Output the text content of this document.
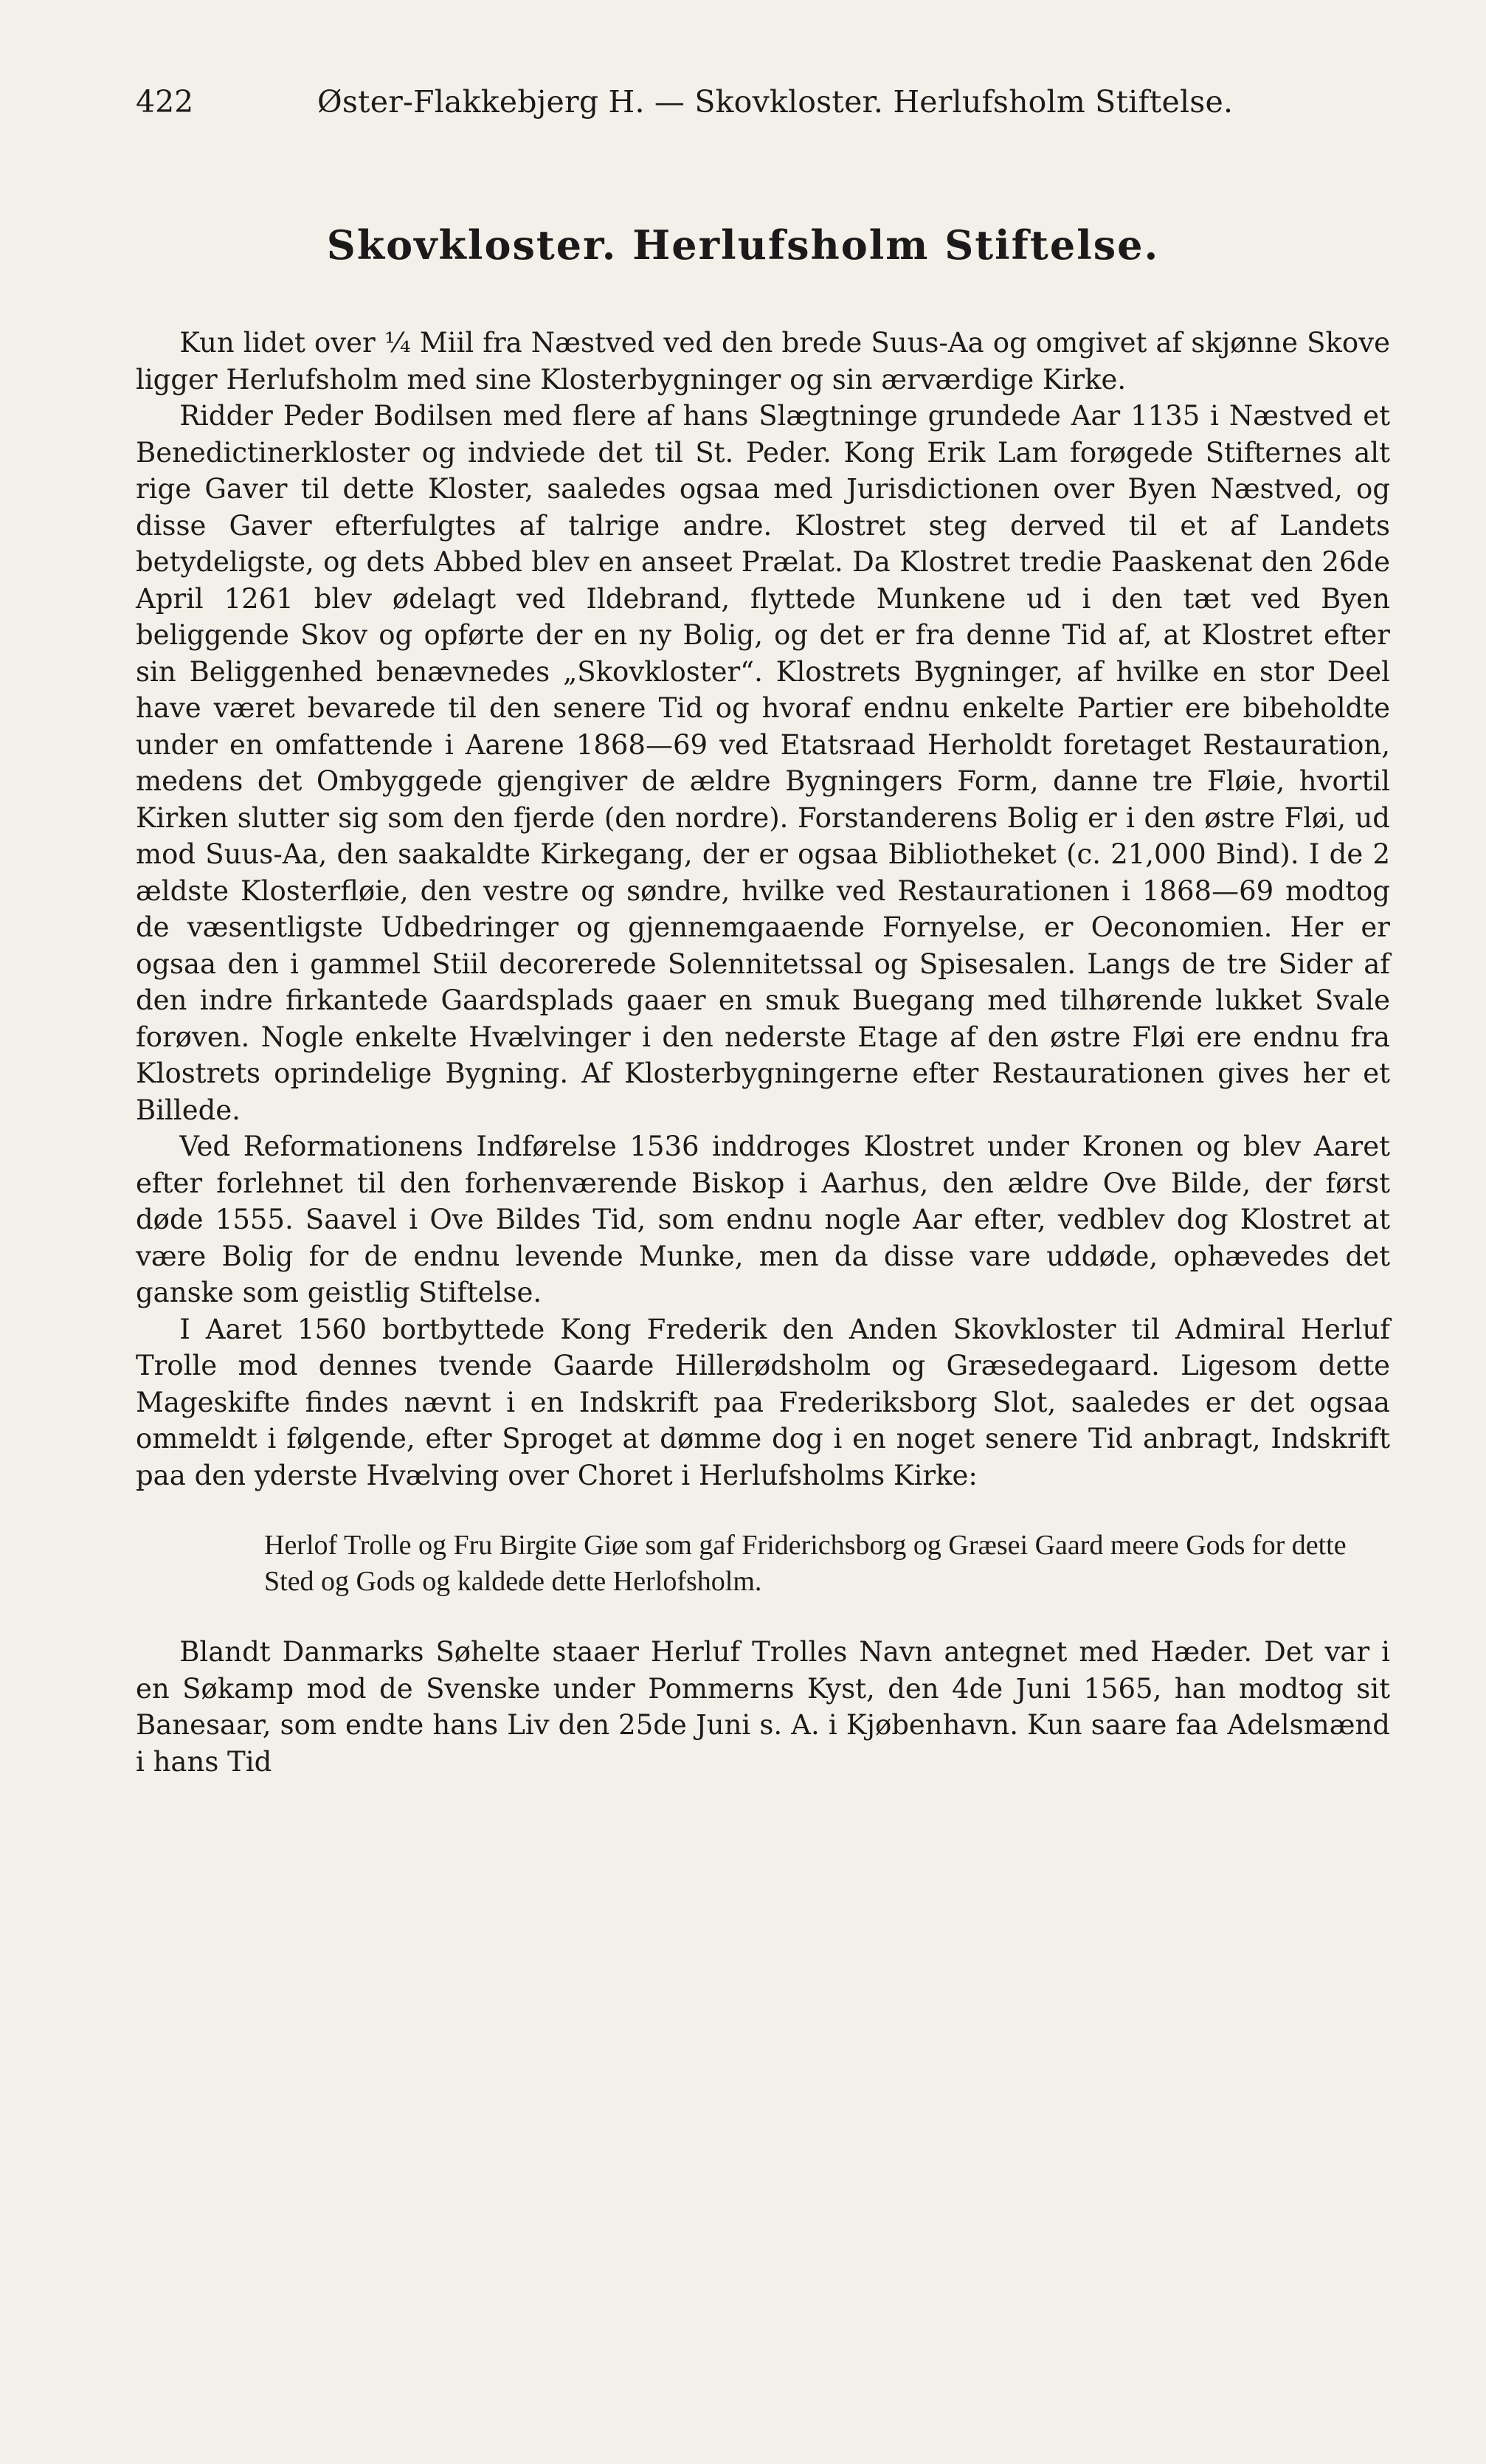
422	Øster-Flakkebjerg H. — Skovkloster. Herlufsholm Stiftelse.
Skovkloster. Herlufsholm Stiftelse.

Kun lidet over ¼ Miil fra Næstved ved den brede Suus-Aa og omgivet af skjønne Skove ligger Herlufsholm med sine Klosterbygninger og sin ærværdige Kirke.

Ridder Peder Bodilsen med flere af hans Slægtninge grundede Aar 1135 i Næstved et Benedictinerkloster og indviede det til St. Peder. Kong Erik Lam forøgede Stifternes alt rige Gaver til dette Kloster, saaledes ogsaa med Jurisdictionen over Byen Næstved, og disse Gaver efterfulgtes af talrige andre. Klostret steg derved til et af Landets betydeligste, og dets Abbed blev en anseet Prælat. Da Klostret tredie Paaskenat den 26de April 1261 blev ødelagt ved Ildebrand, flyttede Munkene ud i den tæt ved Byen beliggende Skov og opførte der en ny Bolig, og det er fra denne Tid af, at Klostret efter sin Beliggenhed benævnedes „Skovkloster“. Klostrets Bygninger, af hvilke en stor Deel have været bevarede til den senere Tid og hvoraf endnu enkelte Partier ere bibeholdte under en omfattende i Aarene 1868—69 ved Etatsraad Herholdt foretaget Restauration, medens det Ombyggede gjengiver de ældre Bygningers Form, danne tre Fløie, hvortil Kirken slutter sig som den fjerde (den nordre). Forstanderens Bolig er i den østre Fløi, ud mod Suus-Aa, den saakaldte Kirkegang, der er ogsaa Bibliotheket (c. 21,000 Bind). I de 2 ældste Klosterfløie, den vestre og søndre, hvilke ved Restaurationen i 1868—69 modtog de væsentligste Udbedringer og gjennemgaaende Fornyelse, er Oeconomien. Her er ogsaa den i gammel Stiil decorerede Solennitetssal og Spisesalen. Langs de tre Sider af den indre firkantede Gaardsplads gaaer en smuk Buegang med tilhørende lukket Svale forøven. Nogle enkelte Hvælvinger i den nederste Etage af den østre Fløi ere endnu fra Klostrets oprindelige Bygning. Af Klosterbygningerne efter Restaurationen gives her et Billede.

Ved Reformationens Indførelse 1536 inddroges Klostret under Kronen og blev Aaret efter forlehnet til den forhenværende Biskop i Aarhus, den ældre Ove Bilde, der først døde 1555. Saavel i Ove Bildes Tid, som endnu nogle Aar efter, vedblev dog Klostret at være Bolig for de endnu levende Munke, men da disse vare uddøde, ophævedes det ganske som geistlig Stiftelse.

I Aaret 1560 bortbyttede Kong Frederik den Anden Skovkloster til Admiral Herluf Trolle mod dennes tvende Gaarde Hillerødsholm og Græsedegaard. Ligesom dette Mageskifte findes nævnt i en Indskrift paa Frederiksborg Slot, saaledes er det ogsaa ommeldt i følgende, efter Sproget at dømme dog i en noget senere Tid anbragt, Indskrift paa den yderste Hvælving over Choret i Herlufsholms Kirke:

Herlof Trolle og Fru Birgite Giøe som gaf Friderichsborg og Græsei Gaard meere Gods for dette Sted og Gods og kaldede dette Herlofsholm.

Blandt Danmarks Søhelte staaer Herluf Trolles Navn antegnet med Hæder. Det var i en Søkamp mod de Svenske under Pommerns Kyst, den 4de Juni 1565, han modtog sit Banesaar, som endte hans Liv den 25de Juni s. A. i Kjøbenhavn. Kun saare faa Adelsmænd i hans Tid
